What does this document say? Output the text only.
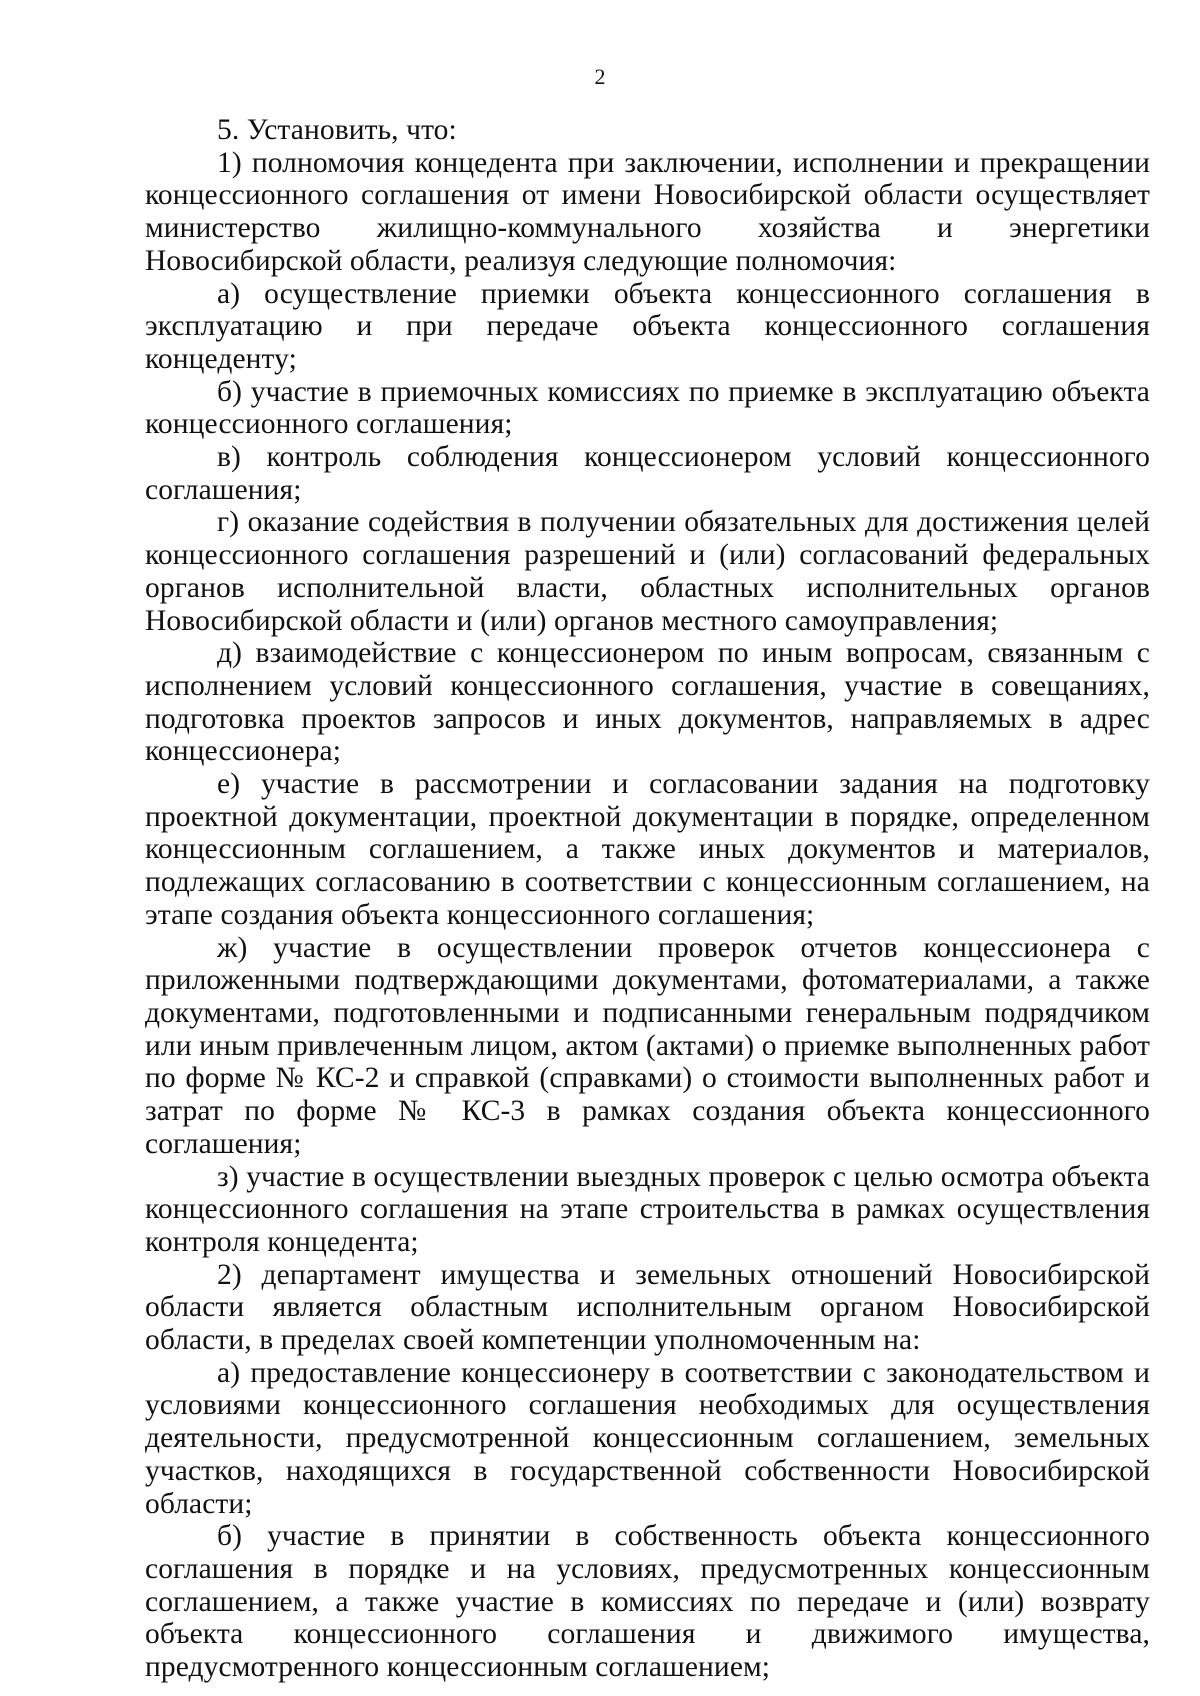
2

5. Установить, что:

1) полномочия концедента при заключении, исполнении и прекращении концессионного соглашения от имени Новосибирской области осуществляет министерство жилищно-коммунального хозяйства и энергетики Новосибирской области, реализуя следующие полномочия:

а) осуществление приемки объекта концессионного соглашения в эксплуатацию и при передаче объекта концессионного соглашения концеденту;

б) участие в приемочных комиссиях по приемке в эксплуатацию объекта концессионного соглашения;

в) контроль соблюдения концессионером условий концессионного соглашения;

г) оказание содействия в получении обязательных для достижения целей концессионного соглашения разрешений и (или) согласований федеральных органов исполнительной власти, областных исполнительных органов Новосибирской области и (или) органов местного самоуправления;

д) взаимодействие с концессионером по иным вопросам, связанным с исполнением условий концессионного соглашения, участие в совещаниях, подготовка проектов запросов и иных документов, направляемых в адрес концессионера;

е) участие в рассмотрении и согласовании задания на подготовку проектной документации, проектной документации в порядке, определенном концессионным соглашением, а также иных документов и материалов, подлежащих согласованию в соответствии с концессионным соглашением, на этапе создания объекта концессионного соглашения;

ж) участие в осуществлении проверок отчетов концессионера с приложенными подтверждающими документами, фотоматериалами, а также документами, подготовленными и подписанными генеральным подрядчиком или иным привлеченным лицом, актом (актами) о приемке выполненных работ по форме № КС-2 и справкой (справками) о стоимости выполненных работ и затрат по форме № КС-3 в рамках создания объекта концессионного соглашения;

з) участие в осуществлении выездных проверок с целью осмотра объекта концессионного соглашения на этапе строительства в рамках осуществления контроля концедента;

2) департамент имущества и земельных отношений Новосибирской области является областным исполнительным органом Новосибирской области, в пределах своей компетенции уполномоченным на:

а) предоставление концессионеру в соответствии с законодательством и условиями концессионного соглашения необходимых для осуществления деятельности, предусмотренной концессионным соглашением, земельных участков, находящихся в государственной собственности Новосибирской области;

б) участие в принятии в собственность объекта концессионного соглашения в порядке и на условиях, предусмотренных концессионным соглашением, а также участие в комиссиях по передаче и (или) возврату объекта концессионного соглашения и движимого имущества, предусмотренного концессионным соглашением;
